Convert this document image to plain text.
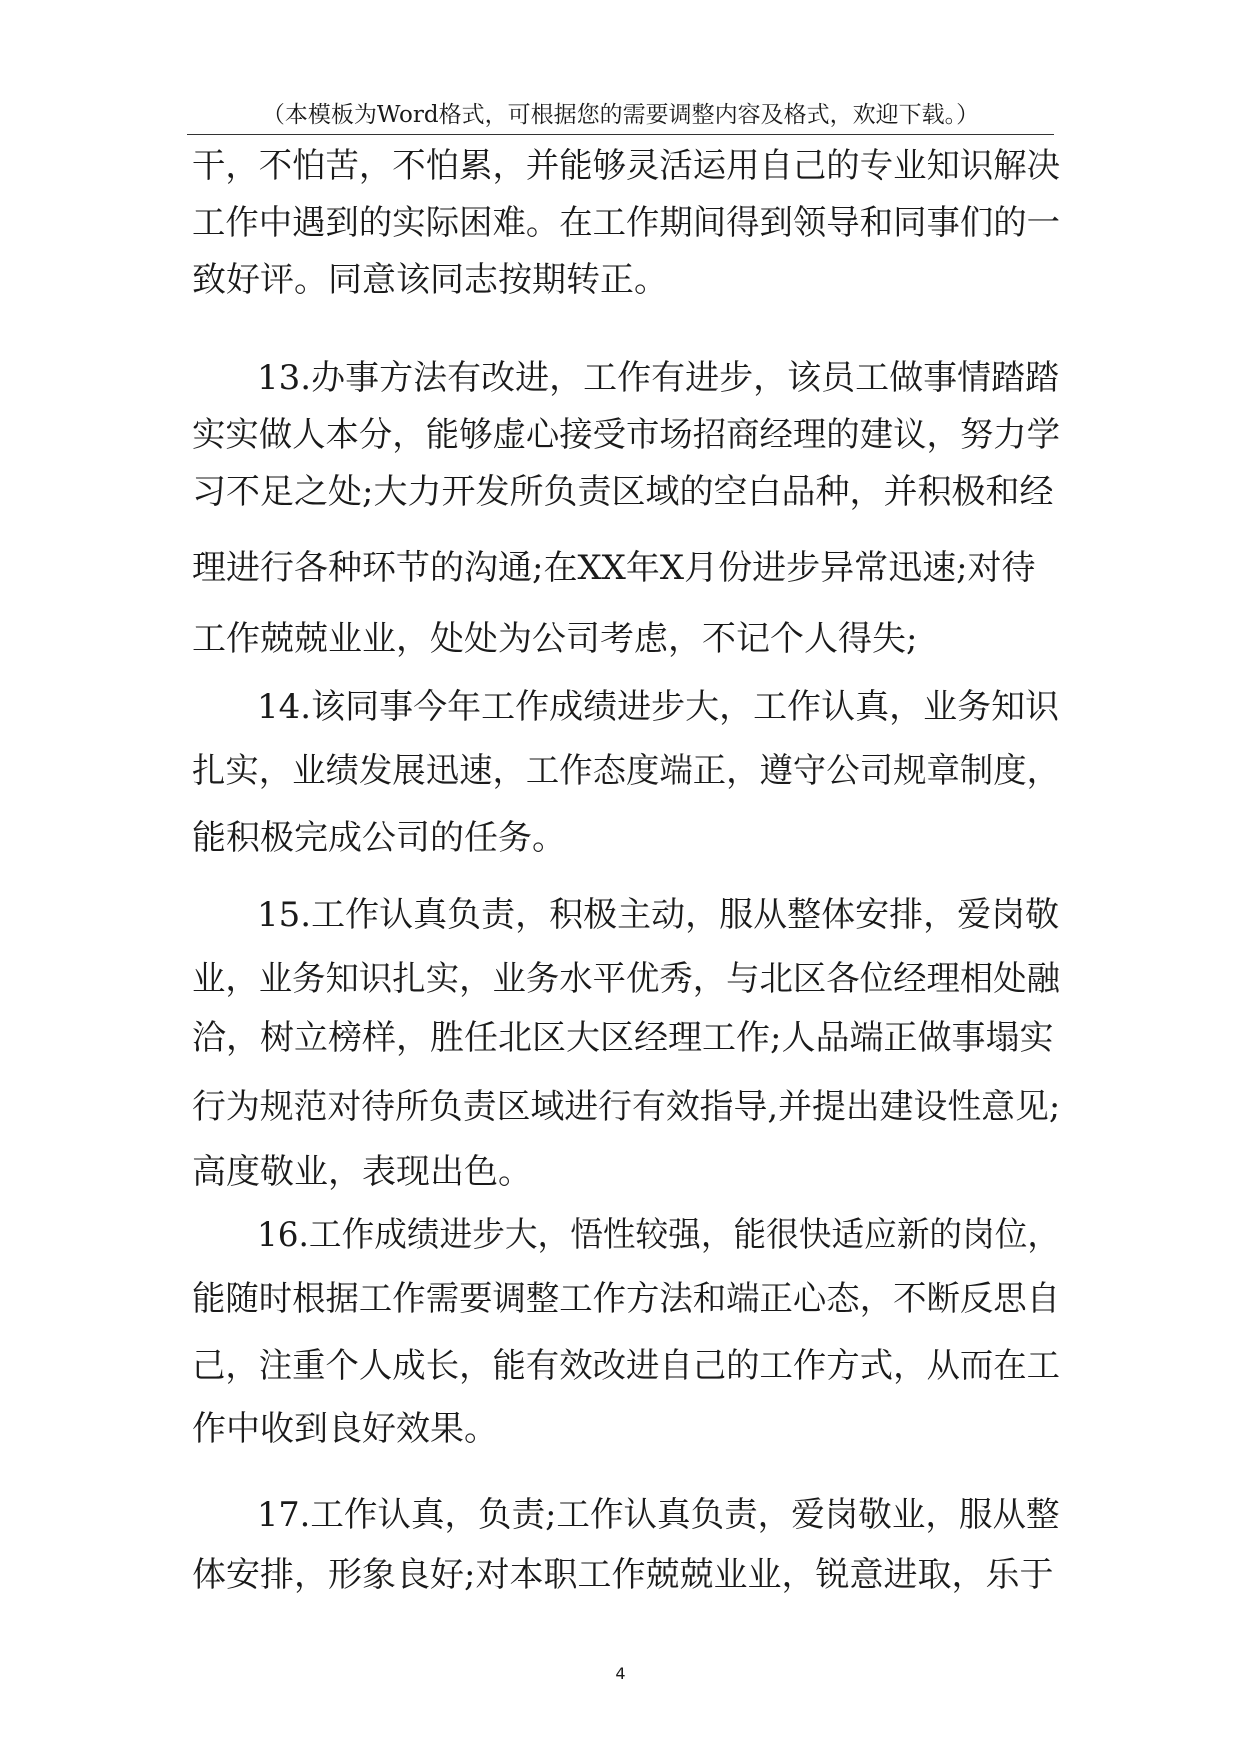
（本模板为Word格式，可根据您的需要调整内容及格式，欢迎下载。）
干，不怕苦，不怕累，并能够灵活运用自己的专业知识解决
工作中遇到的实际困难。在工作期间得到领导和同事们的一
致好评。同意该同志按期转正。
13.办事方法有改进，工作有进步，该员工做事情踏踏
实实做人本分，能够虚心接受市场招商经理的建议，努力学
习不足之处;大力开发所负责区域的空白品种，并积极和经
理进行各种环节的沟通;在XX年X月份进步异常迅速;对待
工作兢兢业业，处处为公司考虑，不记个人得失;
14.该同事今年工作成绩进步大，工作认真，业务知识
扎实，业绩发展迅速，工作态度端正，遵守公司规章制度，
能积极完成公司的任务。
15.工作认真负责，积极主动，服从整体安排，爱岗敬
业，业务知识扎实，业务水平优秀，与北区各位经理相处融
洽，树立榜样，胜任北区大区经理工作;人品端正做事塌实
行为规范对待所负责区域进行有效指导,并提出建设性意见;
高度敬业，表现出色。
16.工作成绩进步大，悟性较强，能很快适应新的岗位，
能随时根据工作需要调整工作方法和端正心态，不断反思自
己，注重个人成长，能有效改进自己的工作方式，从而在工
作中收到良好效果。
17.工作认真，负责;工作认真负责，爱岗敬业，服从整
体安排，形象良好;对本职工作兢兢业业，锐意进取，乐于
4
